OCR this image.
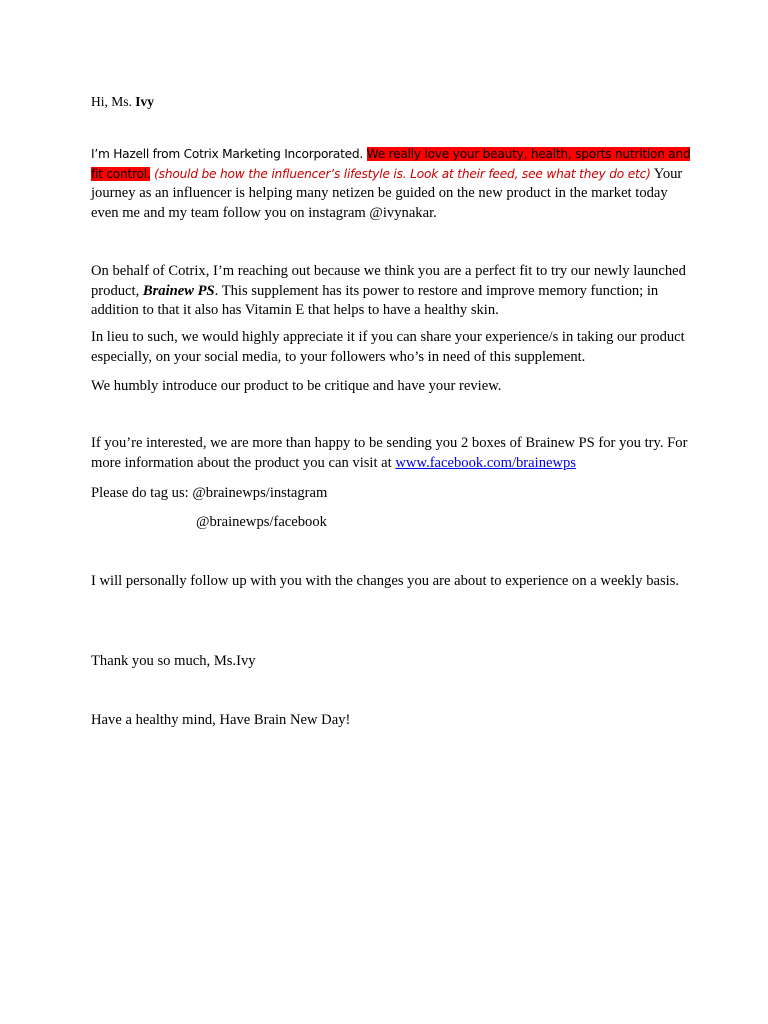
Hi, Ms. Ivy

I’m Hazell from Cotrix Marketing Incorporated. We really love your beauty, health, sports nutrition and fit control. (should be how the influencer’s lifestyle is. Look at their feed, see what they do etc) Your journey as an influencer is helping many netizen be guided on the new product in the market today even me and my team follow you on instagram @ivynakar.

On behalf of Cotrix, I’m reaching out because we think you are a perfect fit to try our newly launched product, Brainew PS. This supplement has its power to restore and improve memory function; in addition to that it also has Vitamin E that helps to have a healthy skin.

In lieu to such, we would highly appreciate it if you can share your experience/s in taking our product especially, on your social media, to your followers who’s in need of this supplement.

We humbly introduce our product to be critique and have your review.

If you’re interested, we are more than happy to be sending you 2 boxes of Brainew PS for you try. For more information about the product you can visit at www.facebook.com/brainewps

Please do tag us: @brainewps/instagram

@brainewps/facebook

I will personally follow up with you with the changes you are about to experience on a weekly basis.

Thank you so much, Ms.Ivy

Have a healthy mind, Have Brain New Day!
